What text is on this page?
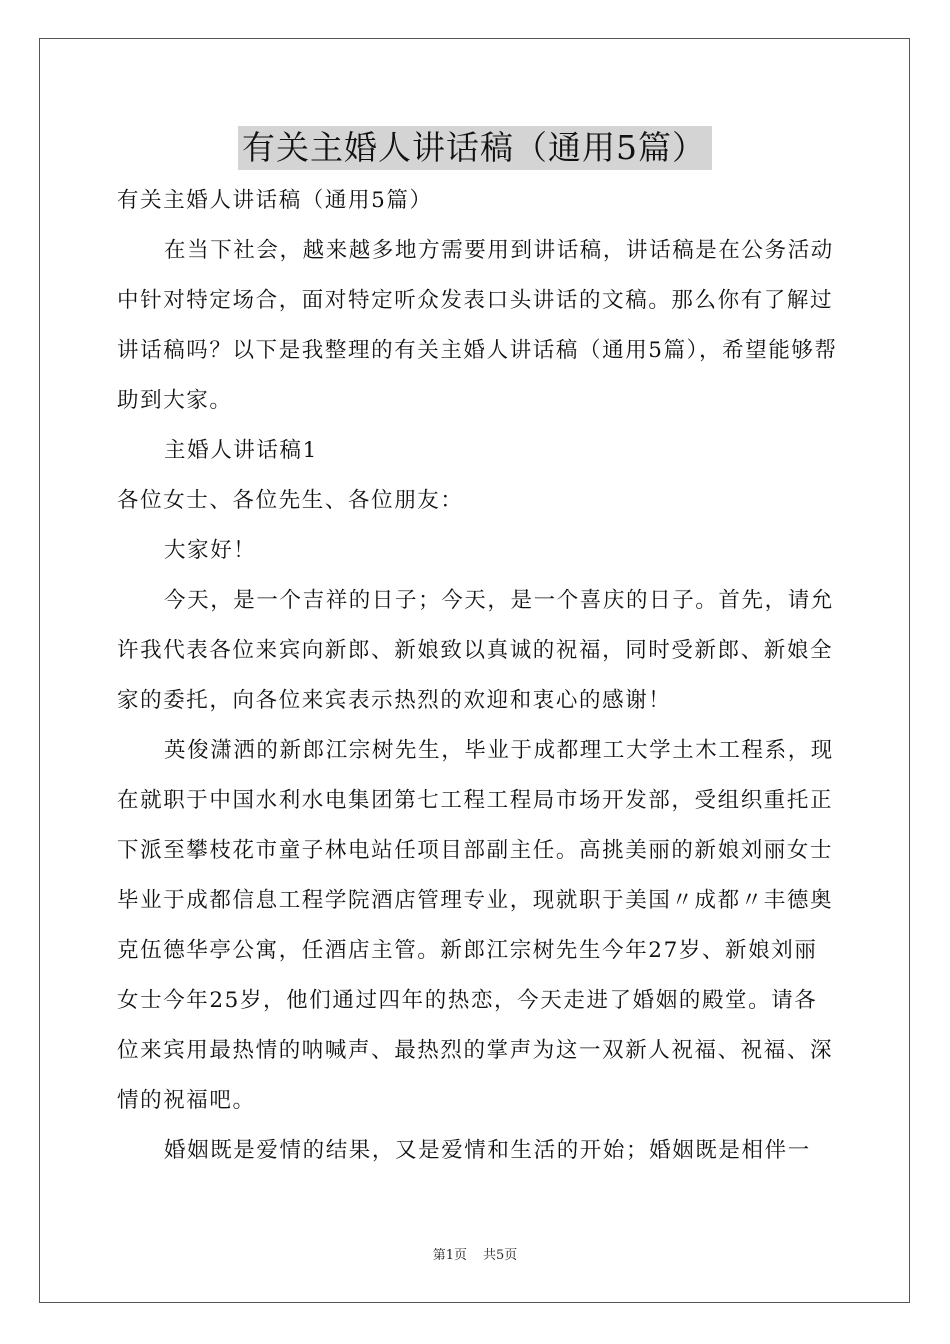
有关主婚人讲话稿（通用5篇）

有关主婚人讲话稿（通用5篇）

在当下社会，越来越多地方需要用到讲话稿，讲话稿是在公务活动中针对特定场合，面对特定听众发表口头讲话的文稿。那么你有了解过讲话稿吗？以下是我整理的有关主婚人讲话稿（通用5篇），希望能够帮助到大家。

主婚人讲话稿1

各位女士、各位先生、各位朋友：

大家好！

今天，是一个吉祥的日子；今天，是一个喜庆的日子。首先，请允许我代表各位来宾向新郎、新娘致以真诚的祝福，同时受新郎、新娘全家的委托，向各位来宾表示热烈的欢迎和衷心的感谢！

英俊潇洒的新郎江宗树先生，毕业于成都理工大学土木工程系，现在就职于中国水利水电集团第七工程工程局市场开发部，受组织重托正下派至攀枝花市童子林电站任项目部副主任。高挑美丽的新娘刘丽女士毕业于成都信息工程学院酒店管理专业，现就职于美国〃成都〃丰德奥克伍德华亭公寓，任酒店主管。新郎江宗树先生今年27岁、新娘刘丽女士今年25岁，他们通过四年的热恋，今天走进了婚姻的殿堂。请各位来宾用最热情的呐喊声、最热烈的掌声为这一双新人祝福、祝福、深情的祝福吧。

婚姻既是爱情的结果，又是爱情和生活的开始；婚姻既是相伴一

第1页 共5页
